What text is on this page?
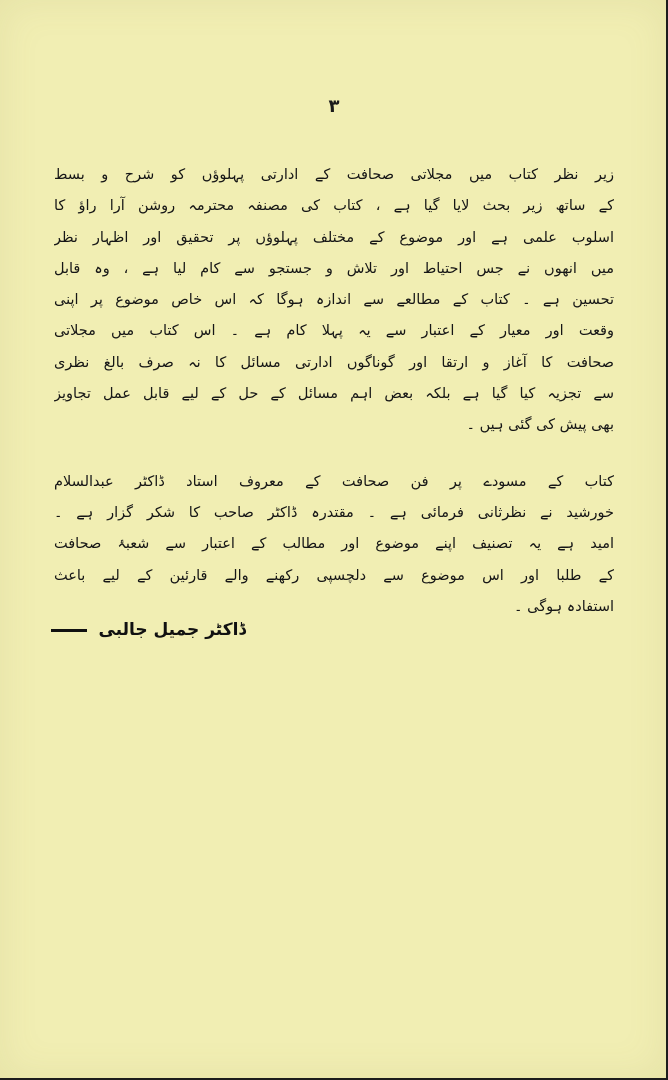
۳

زیر نظر کتاب میں مجلاتی صحافت کے ادارتی پہلوؤں کو شرح و بسط
کے ساتھ زیر بحث لایا گیا ہے ، کتاب کی مصنفہ محترمہ روشن آرا راؤ کا
اسلوب علمی ہے اور موضوع کے مختلف پہلوؤں پر تحقیق اور اظہار نظر
میں انھوں نے جس احتیاط اور تلاش و جستجو سے کام لیا ہے ، وہ قابل
تحسین ہے ۔ کتاب کے مطالعے سے اندازہ ہوگا کہ اس خاص موضوع پر اپنی
وقعت اور معیار کے اعتبار سے یہ پہلا کام ہے ۔ اس کتاب میں مجلاتی
صحافت کا آغاز و ارتقا اور گوناگوں ادارتی مسائل کا نہ صرف بالغ نظری
سے تجزیہ کیا گیا ہے بلکہ بعض اہم مسائل کے حل کے لیے قابل عمل تجاویز
بھی پیش کی گئی ہیں ۔

کتاب کے مسودے پر فن صحافت کے معروف استاد ڈاکٹر عبدالسلام
خورشید نے نظرثانی فرمائی ہے ۔ مقتدرہ ڈاکٹر صاحب کا شکر گزار ہے ۔
امید ہے یہ تصنیف اپنے موضوع اور مطالب کے اعتبار سے شعبۂ صحافت
کے طلبا اور اس موضوع سے دلچسپی رکھنے والے قارئین کے لیے باعث
استفادہ ہوگی ۔

ڈاکٹر جمیل جالبی
